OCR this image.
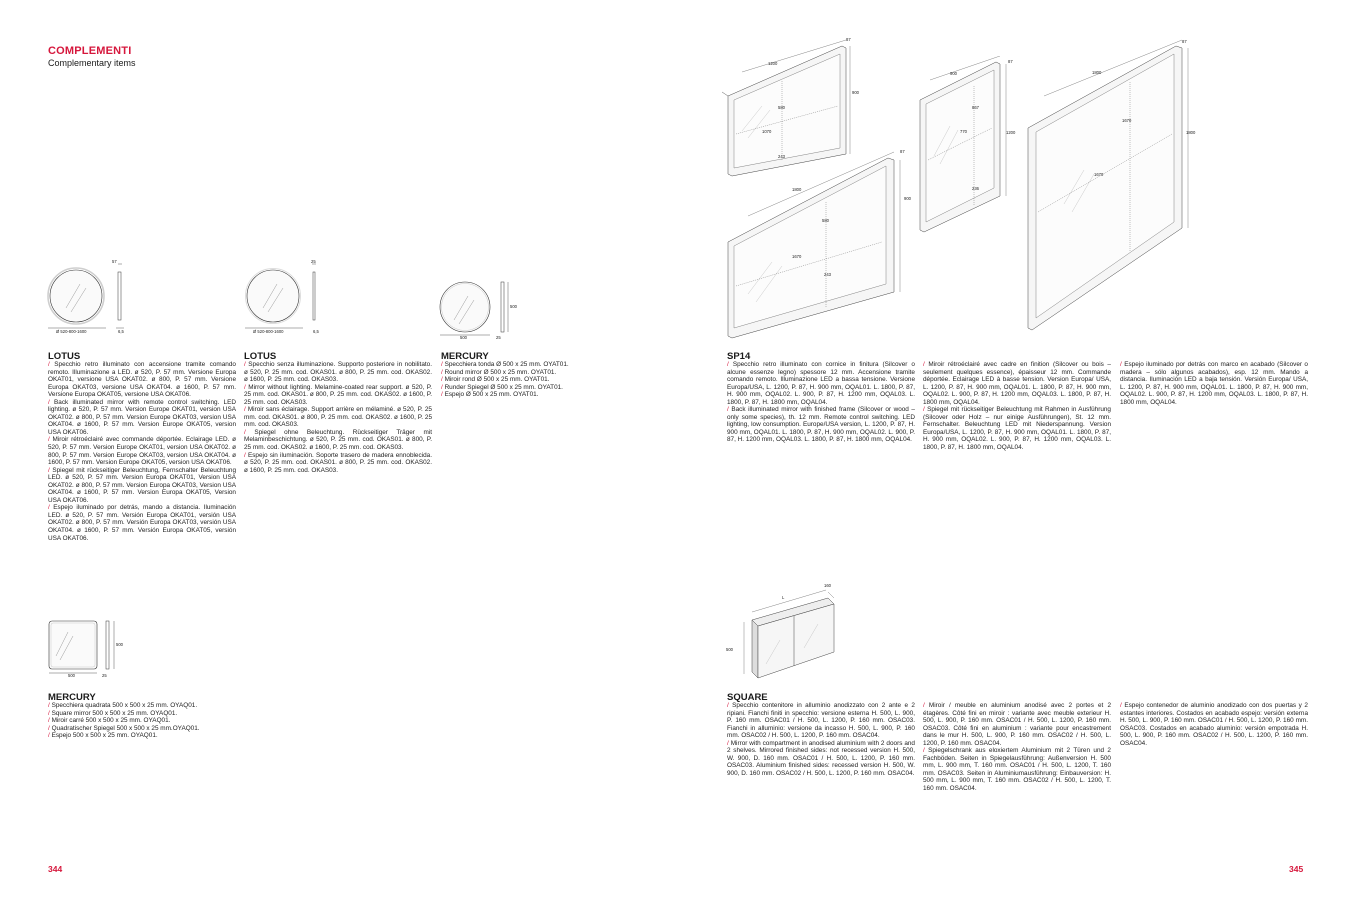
COMPLEMENTI
Complementary items
57
Ø 520-800-1600	6,5
25
Ø 520-800-1600	6,5
500
500	25
500
500	25
1200
87
900
580
1070
243
1800
87
900
580
1670
243
900
87
1200
867
770
236
1800
87
1800
1670
1670
L
160
500
LOTUS

/ Specchio retro illuminato con accensione tramite comando remoto. Illuminazione a LED. ø 520, P. 57 mm. Versione Europa OKAT01, versione USA OKAT02. ø 800, P. 57 mm. Versione Europa OKAT03, versione USA OKAT04. ø 1600, P. 57 mm. Versione Europa OKAT05, versione USA OKAT06.

/ Back illuminated mirror with remote control switching. LED lighting. ø 520, P. 57 mm. Version Europe OKAT01, version USA OKAT02. ø 800, P. 57 mm. Version Europe OKAT03, version USA OKAT04. ø 1600, P. 57 mm. Version Europe OKAT05, version USA OKAT06.

/ Miroir rétroéclairé avec commande déportée. Eclairage LED. ø 520, P. 57 mm. Version Europe OKAT01, version USA OKAT02. ø 800, P. 57 mm. Version Europe OKAT03, version USA OKAT04. ø 1600, P. 57 mm. Version Europe OKAT05, version USA OKAT06.

/ Spiegel mit rückseitiger Beleuchtung, Fernschalter Beleuchtung LED. ø 520, P. 57 mm. Version Europa OKAT01, Version USA OKAT02. ø 800, P. 57 mm. Version Europa OKAT03, Version USA OKAT04. ø 1600, P. 57 mm. Version Europa OKAT05, Version USA OKAT06.

/ Espejo iluminado por detrás, mando a distancia. Iluminación LED. ø 520, P. 57 mm. Versión Europa OKAT01, versión USA OKAT02. ø 800, P. 57 mm. Versión Europa OKAT03, versión USA OKAT04. ø 1600, P. 57 mm. Versión Europa OKAT05, versión USA OKAT06.

LOTUS

/ Specchio senza illuminazione. Supporto posteriore in nobilitato. ø 520, P. 25 mm. cod. OKAS01. ø 800, P. 25 mm. cod. OKAS02. ø 1600, P. 25 mm. cod. OKAS03.

/ Mirror without lighting. Melamine-coated rear support. ø 520, P. 25 mm. cod. OKAS01. ø 800, P. 25 mm. cod. OKAS02. ø 1600, P. 25 mm. cod. OKAS03.

/ Miroir sans éclairage. Support arrière en mélaminé. ø 520, P. 25 mm. cod. OKAS01. ø 800, P. 25 mm. cod. OKAS02. ø 1600, P. 25 mm. cod. OKAS03.

/ Spiegel ohne Beleuchtung. Rückseitiger Träger mit Melaminbeschichtung. ø 520, P. 25 mm. cod. OKAS01. ø 800, P. 25 mm. cod. OKAS02. ø 1600, P. 25 mm. cod. OKAS03.

/ Espejo sin iluminación. Soporte trasero de madera ennoblecida. ø 520, P. 25 mm. cod. OKAS01. ø 800, P. 25 mm. cod. OKAS02. ø 1600, P. 25 mm. cod. OKAS03.

MERCURY

/ Specchiera tonda Ø 500 x 25 mm. OYAT01.

/ Round mirror Ø 500 x 25 mm. OYAT01.

/ Miroir rond Ø 500 x 25 mm. OYAT01.

/ Runder Spiegel Ø 500 x 25 mm. OYAT01.

/ Espejo Ø 500 x 25 mm. OYAT01.

MERCURY

/ Specchiera quadrata 500 x 500 x 25 mm. OYAQ01.

/ Square mirror 500 x 500 x 25 mm. OYAQ01.

/ Miroir carré 500 x 500 x 25 mm. OYAQ01.

/ Quadratischer Spiegel 500 x 500 x 25 mm.OYAQ01.

/ Espejo 500 x 500 x 25 mm. OYAQ01.

SP14

/ Specchio retro illuminato con cornice in finitura (Silcover o alcune essenze legno) spessore 12 mm. Accensione tramite comando remoto. Illuminazione LED a bassa tensione. Versione Europa/USA, L. 1200, P. 87, H. 900 mm, OQAL01. L. 1800, P. 87, H. 900 mm, OQAL02. L. 900, P. 87, H. 1200 mm, OQAL03. L. 1800, P. 87, H. 1800 mm, OQAL04.

/ Back illuminated mirror with finished frame (Silcover or wood – only some species), th. 12 mm. Remote control switching. LED lighting, low consumption. Europe/USA version, L. 1200, P. 87, H. 900 mm, OQAL01. L. 1800, P. 87, H. 900 mm, OQAL02. L. 900, P. 87, H. 1200 mm, OQAL03. L. 1800, P. 87, H. 1800 mm, OQAL04.

/ Miroir rétroéclairé avec cadre en finition (Silcover ou bois – seulement quelques essence), épaisseur 12 mm. Commande déportée. Eclairage LED à basse tension. Version Europa/ USA, L. 1200, P. 87, H. 900 mm, OQAL01. L. 1800, P. 87, H. 900 mm, OQAL02. L. 900, P. 87, H. 1200 mm, OQAL03. L. 1800, P. 87, H. 1800 mm, OQAL04.

/ Spiegel mit rückseitiger Beleuchtung mit Rahmen in Ausführung (Silcover oder Holz – nur einige Ausführungen), St. 12 mm. Fernschalter. Beleuchtung LED mit Niederspannung. Version Europa/USA, L. 1200, P. 87, H. 900 mm, OQAL01. L. 1800, P. 87, H. 900 mm, OQAL02. L. 900, P. 87, H. 1200 mm, OQAL03. L. 1800, P. 87, H. 1800 mm, OQAL04.

/ Espejo iluminado por detrás con marco en acabado (Silcover o madera – sólo algunos acabados), esp. 12 mm. Mando a distancia. Iluminación LED a baja tensión. Versión Europa/ USA, L. 1200, P. 87, H. 900 mm, OQAL01. L. 1800, P. 87, H. 900 mm, OQAL02. L. 900, P. 87, H. 1200 mm, OQAL03. L. 1800, P. 87, H. 1800 mm, OQAL04.

SQUARE

/ Specchio contenitore in alluminio anodizzato con 2 ante e 2 ripiani. Fianchi finiti in specchio: versione esterna H. 500, L. 900, P. 160 mm. OSAC01 / H. 500, L. 1200, P. 160 mm. OSAC03. Fianchi in alluminio: versione da incasso H. 500, L. 900, P. 160 mm. OSAC02 / H. 500, L. 1200, P. 160 mm. OSAC04.

/ Mirror with compartment in anodised aluminium with 2 doors and 2 shelves. Mirrored finished sides: not recessed version H. 500, W. 900, D. 160 mm. OSAC01 / H. 500, L. 1200, P. 160 mm. OSAC03. Aluminium finished sides: recessed version H. 500, W. 900, D. 160 mm. OSAC02 / H. 500, L. 1200, P. 160 mm. OSAC04.

/ Miroir / meuble en aluminium anodisé avec 2 portes et 2 étagères. Côté fini en miroir : variante avec meuble exterieur H. 500, L. 900, P. 160 mm. OSAC01 / H. 500, L. 1200, P. 160 mm. OSAC03. Côté fini en aluminium : variante pour encastrement dans le mur H. 500, L. 900, P. 160 mm. OSAC02 / H. 500, L. 1200, P. 160 mm. OSAC04.

/ Spiegelschrank aus eloxiertem Aluminium mit 2 Türen und 2 Fachböden. Seiten in Spiegelausführung: Außenversion H. 500 mm, L. 900 mm, T. 160 mm. OSAC01 / H. 500, L. 1200, T. 160 mm. OSAC03. Seiten in Aluminiumausführung: Einbauversion: H. 500 mm, L. 900 mm, T. 160 mm. OSAC02 / H. 500, L. 1200, T. 160 mm. OSAC04.

/ Espejo contenedor de aluminio anodizado con dos puertas y 2 estantes interiores. Costados en acabado espejo: versión externa H. 500, L. 900, P. 160 mm. OSAC01 / H. 500, L. 1200, P. 160 mm. OSAC03. Costados en acabado aluminio: versión empotrada H. 500, L. 900, P. 160 mm. OSAC02 / H. 500, L. 1200, P. 160 mm. OSAC04.

344	345
